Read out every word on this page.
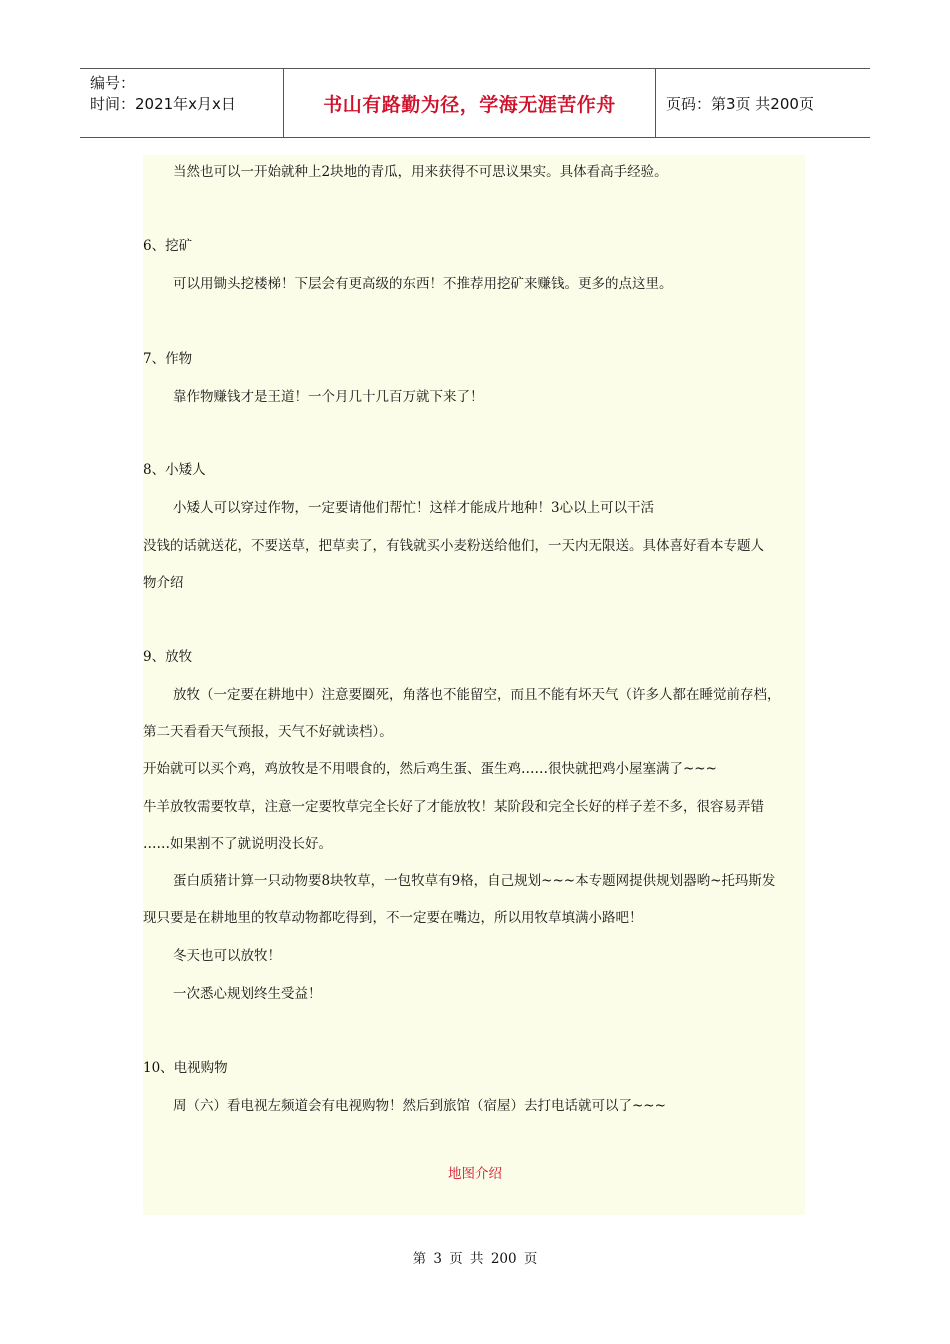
编号：
时间：2021年x月x日	书山有路勤为径，学海无涯苦作舟	页码：第3页 共200页
当然也可以一开始就种上2块地的青瓜，用来获得不可思议果实。具体看高手经验。
6、挖矿
可以用锄头挖楼梯！下层会有更高级的东西！不推荐用挖矿来赚钱。更多的点这里。
7、作物
靠作物赚钱才是王道！一个月几十几百万就下来了！
8、小矮人
小矮人可以穿过作物，一定要请他们帮忙！这样才能成片地种！3心以上可以干活
没钱的话就送花，不要送草，把草卖了，有钱就买小麦粉送给他们，一天内无限送。具体喜好看本专题人
物介绍
9、放牧
放牧（一定要在耕地中）注意要圈死，角落也不能留空，而且不能有坏天气（许多人都在睡觉前存档，
第二天看看天气预报，天气不好就读档）。
开始就可以买个鸡，鸡放牧是不用喂食的，然后鸡生蛋、蛋生鸡……很快就把鸡小屋塞满了~~~
牛羊放牧需要牧草，注意一定要牧草完全长好了才能放牧！某阶段和完全长好的样子差不多，很容易弄错
……如果割不了就说明没长好。
蛋白质猪计算一只动物要8块牧草，一包牧草有9格，自己规划~~~本专题网提供规划器哟~托玛斯发
现只要是在耕地里的牧草动物都吃得到，不一定要在嘴边，所以用牧草填满小路吧！
冬天也可以放牧！
一次悉心规划终生受益！
10、电视购物
周（六）看电视左频道会有电视购物！然后到旅馆（宿屋）去打电话就可以了~~~
地图介绍
第 3 页 共 200 页
